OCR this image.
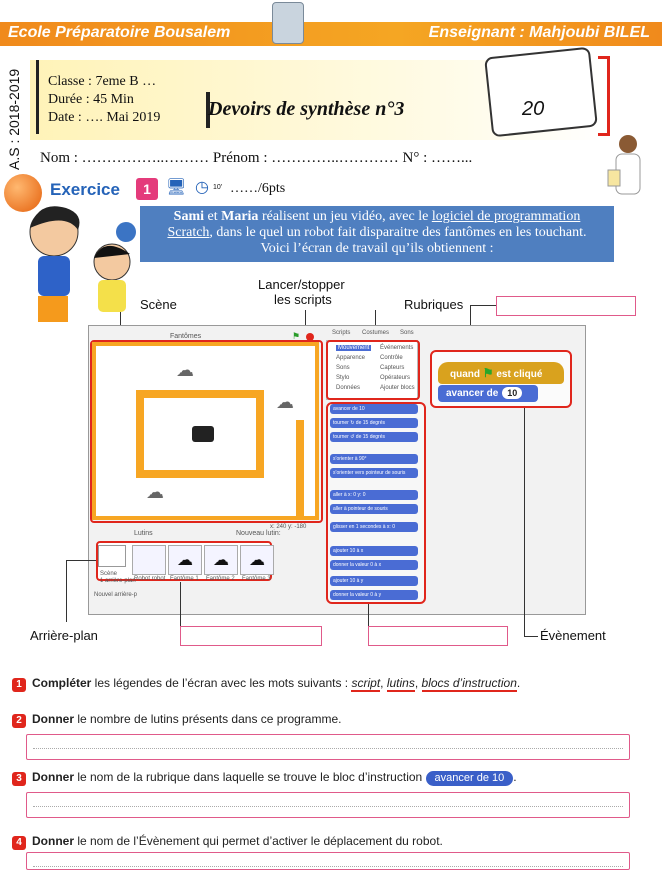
Ecole Préparatoire Bousalem	Enseignant : Mahjoubi BILEL
A.S : 2018-2019 Classe : 7eme B …
Durée : 45 Min
Date : …. Mai 2019 Devoirs de synthèse n°3	20
Nom : ……………..……… Prénom : …………..………… N° : ……...
Exercice	1 🖥 ◷ 10' ……/6pts
Sami et Maria réalisent un jeu vidéo, avec le logiciel de programmation
Scratch, dans le quel un robot fait disparaitre des fantômes en les touchant.
Voici l’écran de travail qu’ils obtiennent :
Scène
Lancer/stopper
les scripts	Rubriques
Fantômes	⚑
☁
☁
☁
x: 240 y: -180
Scripts Costumes Sons
Mouvement
Apparence
Sons
Stylo
Données
Événements
Contrôle
Capteurs
Opérateurs
Ajouter blocs
avancer de 10
tourner ↻ de 15 degrés
tourner ↺ de 15 degrés
s'orienter à 90°
s'orienter vers pointeur de souris
aller à x: 0 y: 0
aller à pointeur de souris
glisser en 1 secondes à x: 0
ajouter 10 à x
donner la valeur 0 à x
ajouter 10 à y
donner la valeur 0 à y
quand ⚑ est cliqué
avancer de 10
Lutins	Nouveau lutin:
☁	☁	☁
Scène
1 arrière-plan
Robot robot Fantôme 1 Fantôme 2 Fantôme 3
Nouvel arrière-p
Arrière-plan	Évènement
1 Compléter les légendes de l’écran avec les mots suivants : script, lutins, blocs d’instruction.
2 Donner le nombre de lutins présents dans ce programme.
3 Donner le nom de la rubrique dans laquelle se trouve le bloc d’instruction avancer de 10 .
4 Donner le nom de l’Évènement qui permet d’activer le déplacement du robot.
